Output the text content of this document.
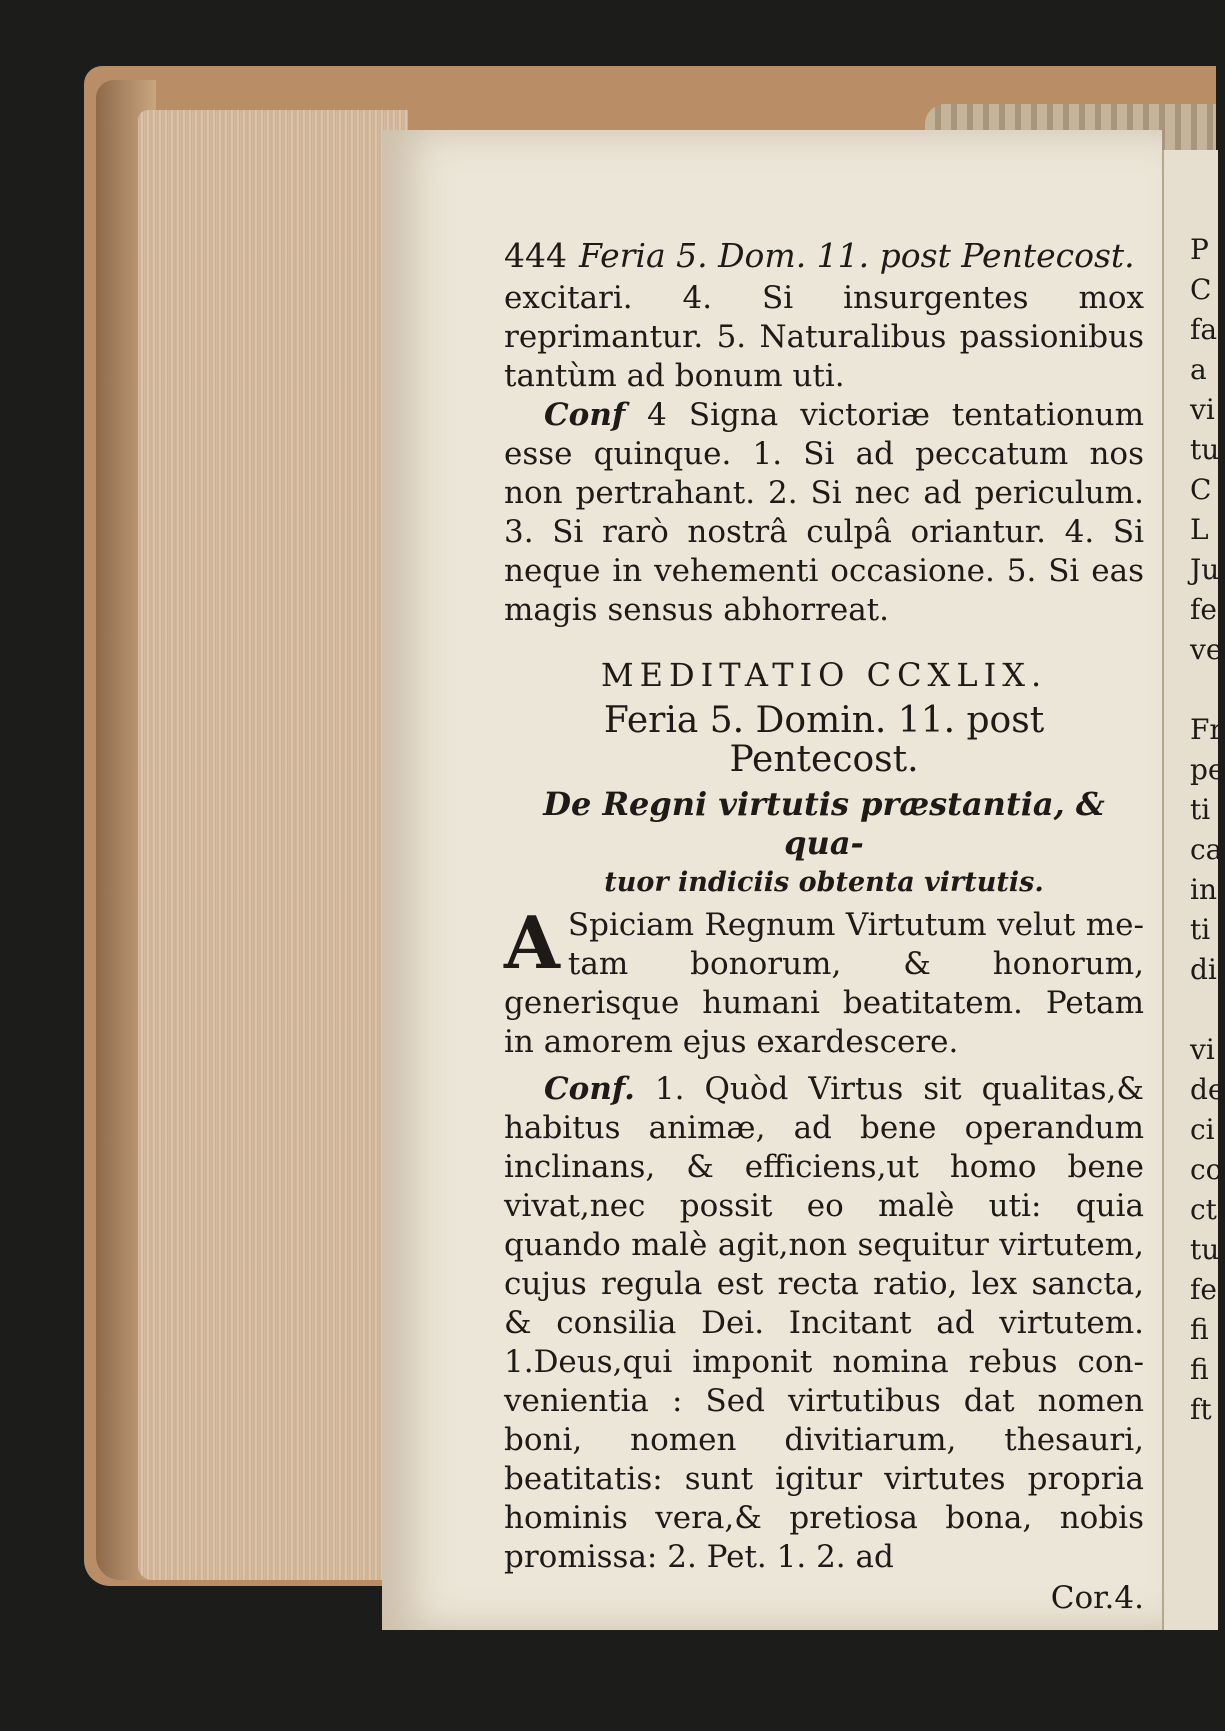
444 Feria 5. Dom. 11. post Pentecost.

excitari. 4. Si insurgentes mox reprimantur. 5. Naturalibus passionibus tantùm ad bonum uti.

Conf 4 Signa victoriæ tentationum esse quinque. 1. Si ad peccatum nos non pertrahant. 2. Si nec ad periculum. 3. Si rarò nostrâ culpâ oriantur. 4. Si neque in vehementi occasione. 5. Si eas magis sensus abhorreat.

MEDITATIO CCXLIX.
Feria 5. Domin. 11. post Pentecost.
De Regni virtutis præstantia, & qua-
tuor indiciis obtenta virtutis.

A Spiciam Regnum Virtutum velut metam bonorum, & honorum, generisque humani beatitatem. Petam in amorem ejus exardescere.

Conf. 1. Quòd Virtus sit qualitas,& habitus animæ, ad bene operandum inclinans, & efficiens,ut homo bene vivat,nec possit eo malè uti: quia quando malè agit,non sequitur virtutem, cujus regula est recta ratio, lex sancta, & consilia Dei. Incitant ad virtutem. 1.Deus,qui imponit nomina rebus convenientia : Sed virtutibus dat nomen boni, nomen divitiarum, thesauri, beatitatis: sunt igitur virtutes propria hominis vera,& pretiosa bona, nobis promissa: 2. Pet. 1. 2. ad

Cor.4.
P
C
fa
a
vi
tu
C
L
Ju
fe
ve

Fr
pe
ti
ca
in
ti
di

vi
de
ci
co
ct
tu
fe
fi
fi
ft
